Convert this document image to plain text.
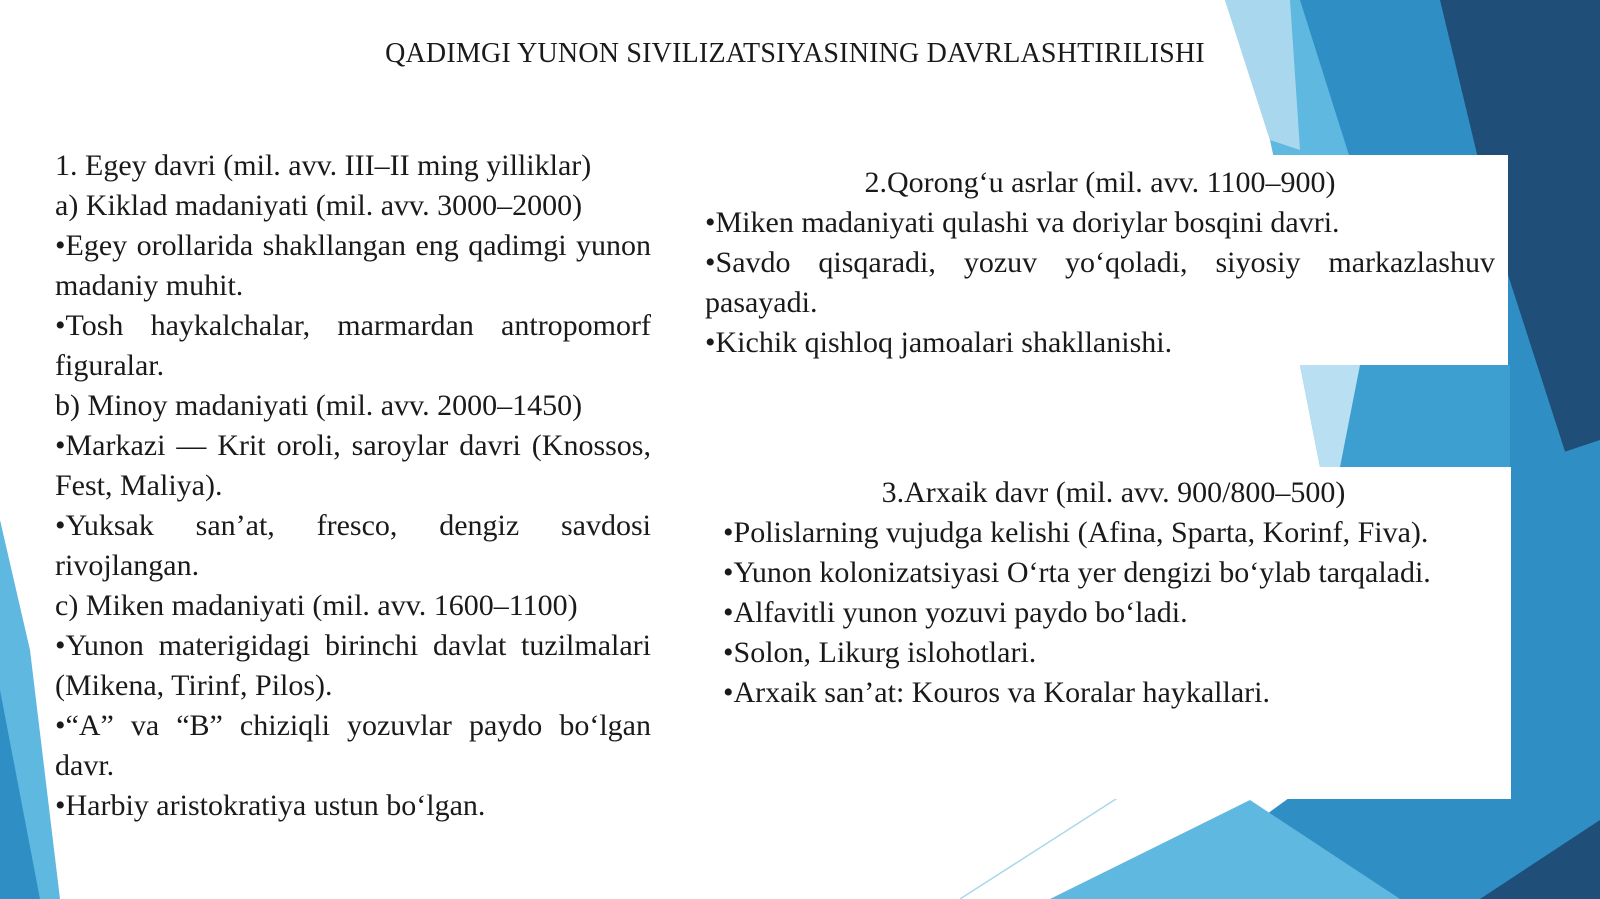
QADIMGI YUNON SIVILIZATSIYASINING DAVRLASHTIRILISHI

1. Egey davri (mil. avv. III–II ming yilliklar)

a) Kiklad madaniyati (mil. avv. 3000–2000)

•Egey orollarida shakllangan eng qadimgi yunon madaniy muhit.

•Tosh haykalchalar, marmardan antropomorf figuralar.

b) Minoy madaniyati (mil. avv. 2000–1450)

•Markazi — Krit oroli, saroylar davri (Knossos, Fest, Maliya).

•Yuksak san’at, fresco, dengiz savdosi rivojlangan.

c) Miken madaniyati (mil. avv. 1600–1100)

•Yunon materigidagi birinchi davlat tuzilmalari (Mikena, Tirinf, Pilos).

•“A” va “B” chiziqli yozuvlar paydo bo‘lgan davr.

•Harbiy aristokratiya ustun bo‘lgan.

2.Qorong‘u asrlar (mil. avv. 1100–900)

•Miken madaniyati qulashi va doriylar bosqini davri.

•Savdo qisqaradi, yozuv yo‘qoladi, siyosiy markazlashuv pasayadi.

•Kichik qishloq jamoalari shakllanishi.

3.Arxaik davr (mil. avv. 900/800–500)

•Polislarning vujudga kelishi (Afina, Sparta, Korinf, Fiva).

•Yunon kolonizatsiyasi O‘rta yer dengizi bo‘ylab tarqaladi.

•Alfavitli yunon yozuvi paydo bo‘ladi.

•Solon, Likurg islohotlari.

•Arxaik san’at: Kouros va Koralar haykallari.
